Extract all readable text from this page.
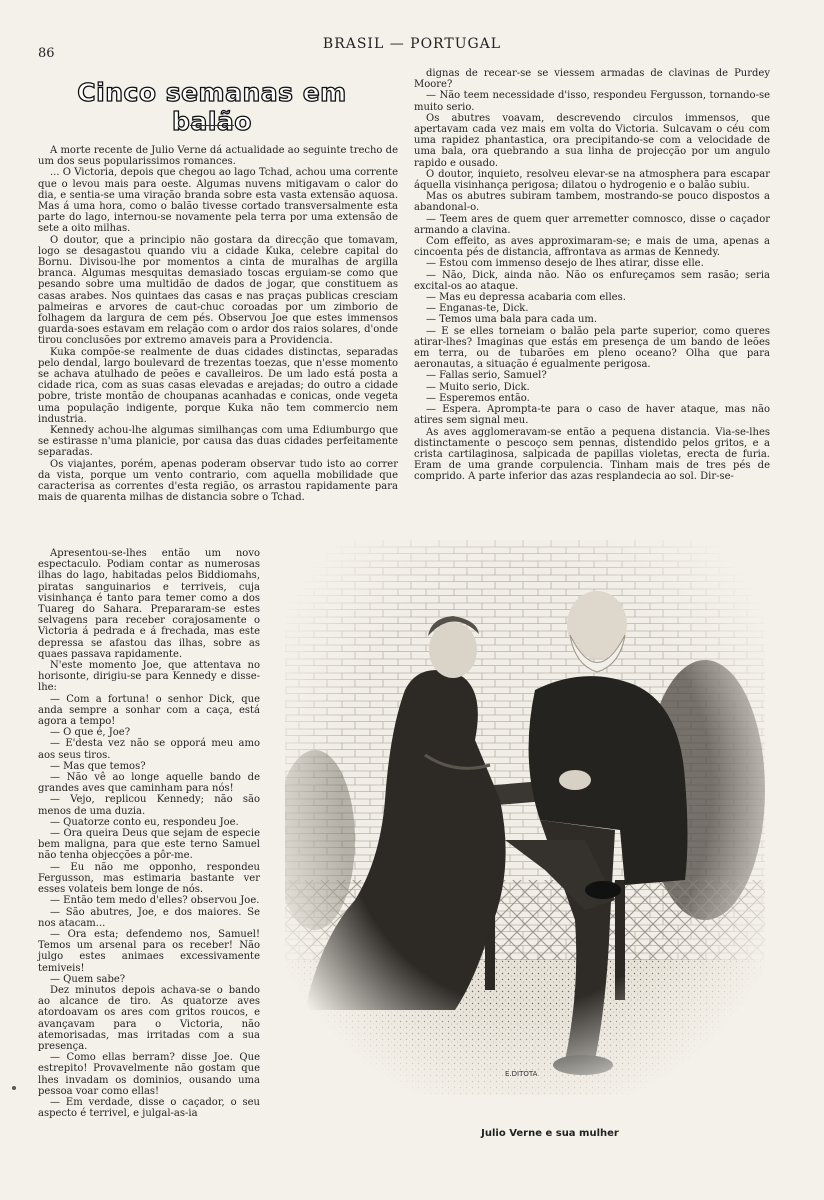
86
BRASIL — PORTUGAL
Cinco semanas em balão

A morte recente de Julio Verne dá actualidade ao seguinte trecho de um dos seus popularissimos romances.

... O Victoria, depois que chegou ao lago Tchad, achou uma corrente que o levou mais para oeste. Algumas nuvens mitigavam o calor do dia, e sentia-se uma viração branda sobre esta vasta extensão aquosa. Mas á uma hora, como o balão tivesse cortado transversalmente esta parte do lago, internou-se novamente pela terra por uma extensão de sete a oito milhas.

O doutor, que a principio não gostara da direcção que tomavam, logo se desagastou quando viu a cidade Kuka, celebre capital do Bornu. Divisou-lhe por momentos a cinta de muralhas de argilla branca. Algumas mesquitas demasiado toscas erguiam-se como que pesando sobre uma multidão de dados de jogar, que constituem as casas arabes. Nos quintaes das casas e nas praças publicas cresciam palmeiras e arvores de caut-chuc coroadas por um zimborio de folhagem da largura de cem pés. Observou Joe que estes immensos guarda-soes estavam em relação com o ardor dos raios solares, d'onde tirou conclusões por extremo amaveis para a Providencia.

Kuka compõe-se realmente de duas cidades distinctas, separadas pelo dendal, largo boulevard de trezentas toezas, que n'esse momento se achava atulhado de peões e cavalleiros. De um lado está posta a cidade rica, com as suas casas elevadas e arejadas; do outro a cidade pobre, triste montão de choupanas acanhadas e conicas, onde vegeta uma população indigente, porque Kuka não tem commercio nem industria.

Kennedy achou-lhe algumas similhanças com uma Ediumburgo que se estirasse n'uma planicie, por causa das duas cidades perfeitamente separadas.

Os viajantes, porém, apenas poderam observar tudo isto ao correr da vista, porque um vento contrario, com aquella mobilidade que caracterisa as correntes d'esta região, os arrastou rapidamente para mais de quarenta milhas de distancia sobre o Tchad.

Apresentou-se-lhes então um novo espectaculo. Podiam contar as numerosas ilhas do lago, habitadas pelos Biddiomahs, piratas sanguinarios e terriveis, cuja visinhança é tanto para temer como a dos Tuareg do Sahara. Prepararam-se estes selvagens para receber corajosamente o Victoria á pedrada e á frechada, mas este depressa se afastou das ilhas, sobre as quaes passava rapidamente.

N'este momento Joe, que attentava no horisonte, dirigiu-se para Kennedy e disse-lhe:

— Com a fortuna! o senhor Dick, que anda sempre a sonhar com a caça, está agora a tempo!

— O que é, Joe?

— E'desta vez não se opporá meu amo aos seus tiros.

— Mas que temos?

— Não vê ao longe aquelle bando de grandes aves que caminham para nós!

— Vejo, replicou Kennedy; não são menos de uma duzia.

— Quatorze conto eu, respondeu Joe.

— Ora queira Deus que sejam de especie bem maligna, para que este terno Samuel não tenha objecções a pôr-me.

— Eu não me opponho, respondeu Fergusson, mas estimaria bastante ver esses volateis bem longe de nós.

— Então tem medo d'elles? observou Joe.

— São abutres, Joe, e dos maiores. Se nos atacam...

— Ora esta; defendemo nos, Samuel! Temos um arsenal para os receber! Não julgo estes animaes excessivamente temiveis!

— Quem sabe?

Dez minutos depois achava-se o bando ao alcance de tiro. As quatorze aves atordoavam os ares com gritos roucos, e avançavam para o Victoria, não atemorisadas, mas irritadas com a sua presença.

— Como ellas berram? disse Joe. Que estrepito! Provavelmente não gostam que lhes invadam os dominios, ousando uma pessoa voar como ellas!

— Em verdade, disse o caçador, o seu aspecto é terrivel, e julgal-as-ia

dignas de recear-se se viessem armadas de clavinas de Purdey Moore?

— Não teem necessidade d'isso, respondeu Fergusson, tornando-se muito serio.

Os abutres voavam, descrevendo circulos immensos, que apertavam cada vez mais em volta do Victoria. Sulcavam o céu com uma rapidez phantastica, ora precipitando-se com a velocidade de uma bala, ora quebrando a sua linha de projecção por um angulo rapido e ousado.

O doutor, inquieto, resolveu elevar-se na atmosphera para escapar áquella visinhança perigosa; dilatou o hydrogenio e o balão subiu.

Mas os abutres subiram tambem, mostrando-se pouco dispostos a abandonal-o.

— Teem ares de quem quer arremetter comnosco, disse o caçador armando a clavina.

Com effeito, as aves approximaram-se; e mais de uma, apenas a cincoenta pés de distancia, affrontava as armas de Kennedy.

— Estou com immenso desejo de lhes atirar, disse elle.

— Não, Dick, ainda não. Não os enfureçamos sem rasão; seria excital-os ao ataque.

— Mas eu depressa acabaria com elles.

— Enganas-te, Dick.

— Temos uma bala para cada um.

— E se elles torneiam o balão pela parte superior, como queres atirar-lhes? Imaginas que estás em presença de um bando de leões em terra, ou de tubarões em pleno oceano? Olha que para aeronautas, a situação é egualmente perigosa.

— Fallas serio, Samuel?

— Muito serio, Dick.

— Esperemos então.

— Espera. Aprompta-te para o caso de haver ataque, mas não atires sem signal meu.

As aves agglomeravam-se então a pequena distancia. Via-se-lhes distinctamente o pescoço sem pennas, distendido pelos gritos, e a crista cartilaginosa, salpicada de papillas violetas, erecta de furia. Eram de uma grande corpulencia. Tinham mais de tres pés de comprido. A parte inferior das azas resplandecia ao sol. Dir-se-

E.DITOTA
Julio Verne e sua mulher
